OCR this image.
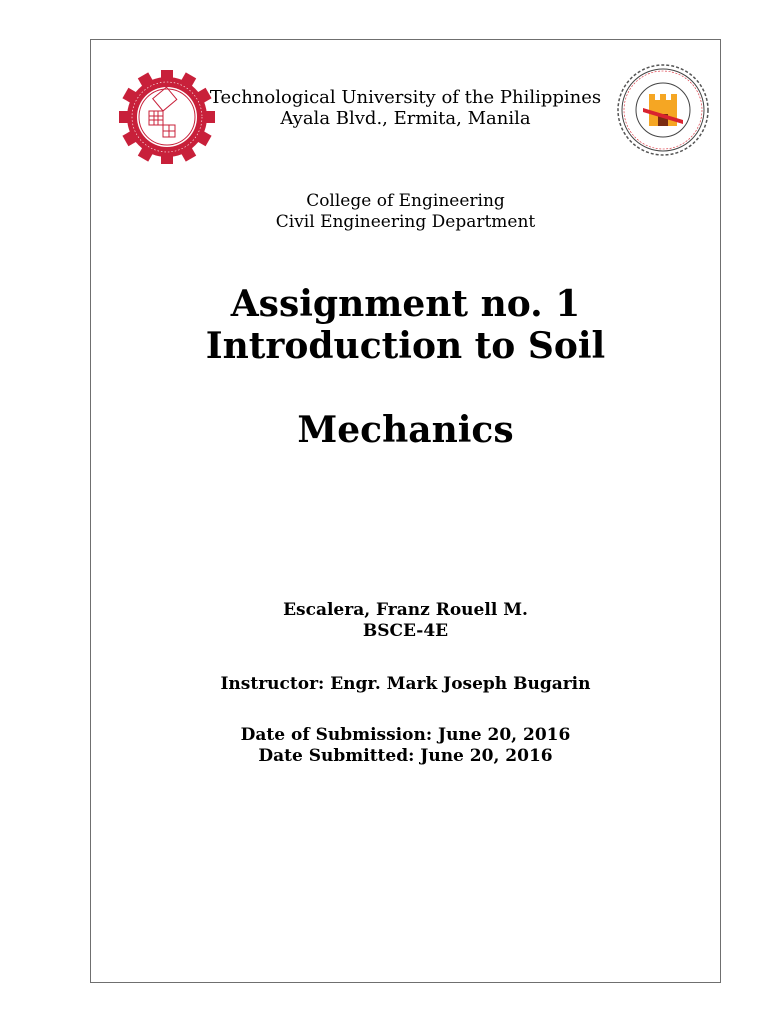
Technological University of the Philippines
Ayala Blvd., Ermita, Manila
College of Engineering
Civil Engineering Department
Assignment no. 1
Introduction to Soil
Mechanics
Escalera, Franz Rouell M.
BSCE-4E
Instructor: Engr. Mark Joseph Bugarin
Date of Submission: June 20, 2016
Date Submitted: June 20, 2016
